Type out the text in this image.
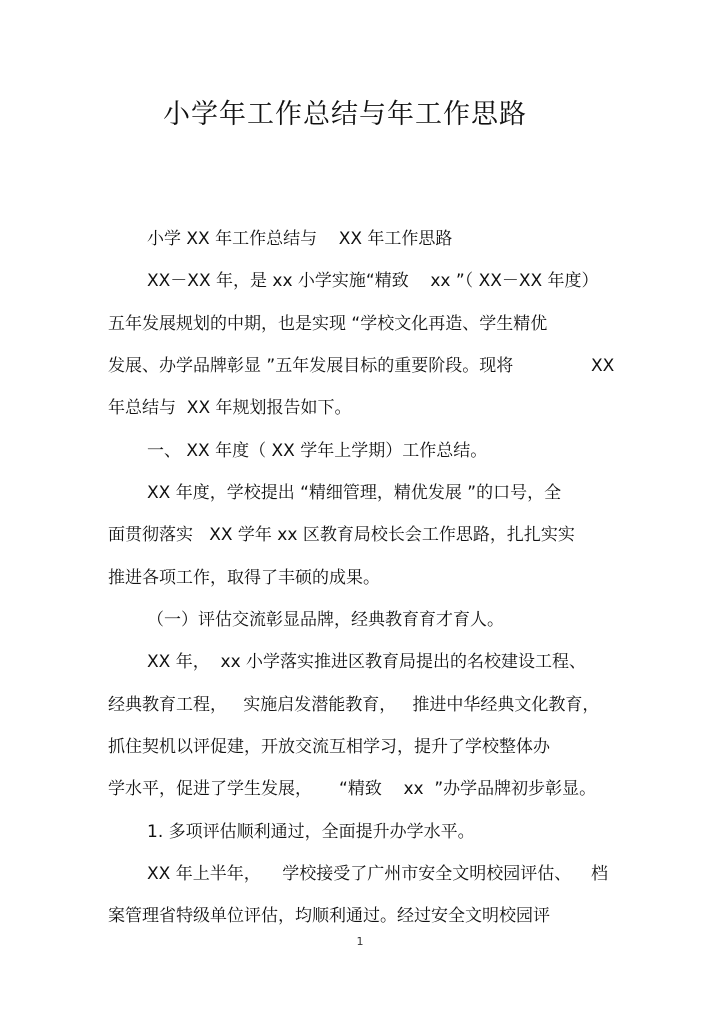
小学年工作总结与年工作思路
小学 XX 年工作总结与    XX 年工作思路
XX－XX 年，是 xx 小学实施“精致    xx ”（ XX－XX 年度）
五年发展规划的中期，也是实现 “学校文化再造、学生精优
发展、办学品牌彰显 ”五年发展目标的重要阶段。现将	XX
年总结与  XX 年规划报告如下。
一、 XX 年度（ XX 学年上学期）工作总结。
XX 年度，学校提出 “精细管理，精优发展 ”的口号，全
面贯彻落实   XX 学年 xx 区教育局校长会工作思路，扎扎实实
推进各项工作，取得了丰硕的成果。
（一）评估交流彰显品牌，经典教育育才育人。
XX 年，  xx 小学落实推进区教育局提出的名校建设工程、
经典教育工程，   实施启发潜能教育，   推进中华经典文化教育，
抓住契机以评促建，开放交流互相学习，提升了学校整体办
学水平，促进了学生发展，     “精致    xx  ”办学品牌初步彰显。
1. 多项评估顺利通过，全面提升办学水平。
XX 年上半年，    学校接受了广州市安全文明校园评估、 档
案管理省特级单位评估，均顺利通过。经过安全文明校园评
1
